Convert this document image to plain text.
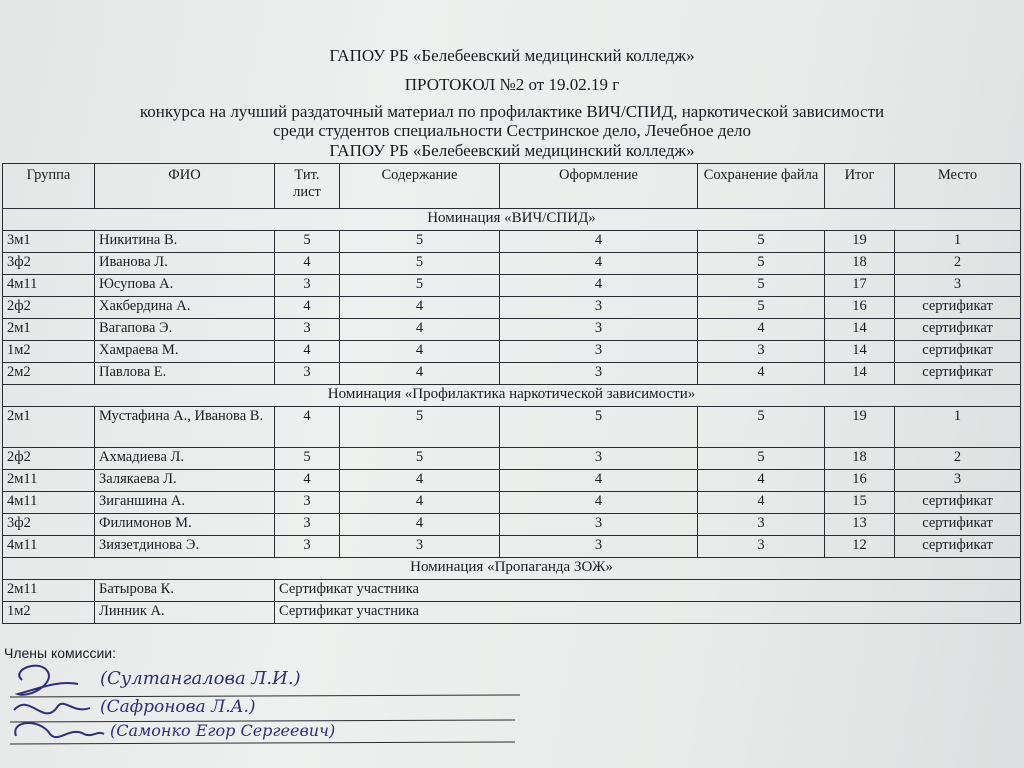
ГАПОУ РБ «Белебеевский медицинский колледж»
ПРОТОКОЛ №2 от 19.02.19 г
конкурса на лучший раздаточный материал по профилактике ВИЧ/СПИД, наркотической зависимости
среди студентов специальности Сестринское дело, Лечебное дело
ГАПОУ РБ «Белебеевский медицинский колледж»
Группа	ФИО	Тит. лист	Содержание	Оформление	Сохранение файла	Итог	Место
Номинация «ВИЧ/СПИД»							
3м1	Никитина В.	5	5	4	5	19	1
3ф2	Иванова Л.	4	5	4	5	18	2
4м11	Юсупова А.	3	5	4	5	17	3
2ф2	Хакбердина А.	4	4	3	5	16	сертификат
2м1	Вагапова Э.	3	4	3	4	14	сертификат
1м2	Хамраева М.	4	4	3	3	14	сертификат
2м2	Павлова Е.	3	4	3	4	14	сертификат
Номинация «Профилактика наркотической зависимости»							
2м1	Мустафина А., Иванова В.	4	5	5	5	19	1
2ф2	Ахмадиева Л.	5	5	3	5	18	2
2м11	Залякаева Л.	4	4	4	4	16	3
4м11	Зиганшина А.	3	4	4	4	15	сертификат
3ф2	Филимонов М.	3	4	3	3	13	сертификат
4м11	Зиязетдинова Э.	3	3	3	3	12	сертификат
Номинация «Пропаганда ЗОЖ»							
2м11	Батырова К.	Сертификат участника					
1м2	Линник А.	Сертификат участника					
Члены комиссии:
(Султангалова Л.И.)
(Сафронова Л.А.)
(Самонко Егор Сергеевич)
